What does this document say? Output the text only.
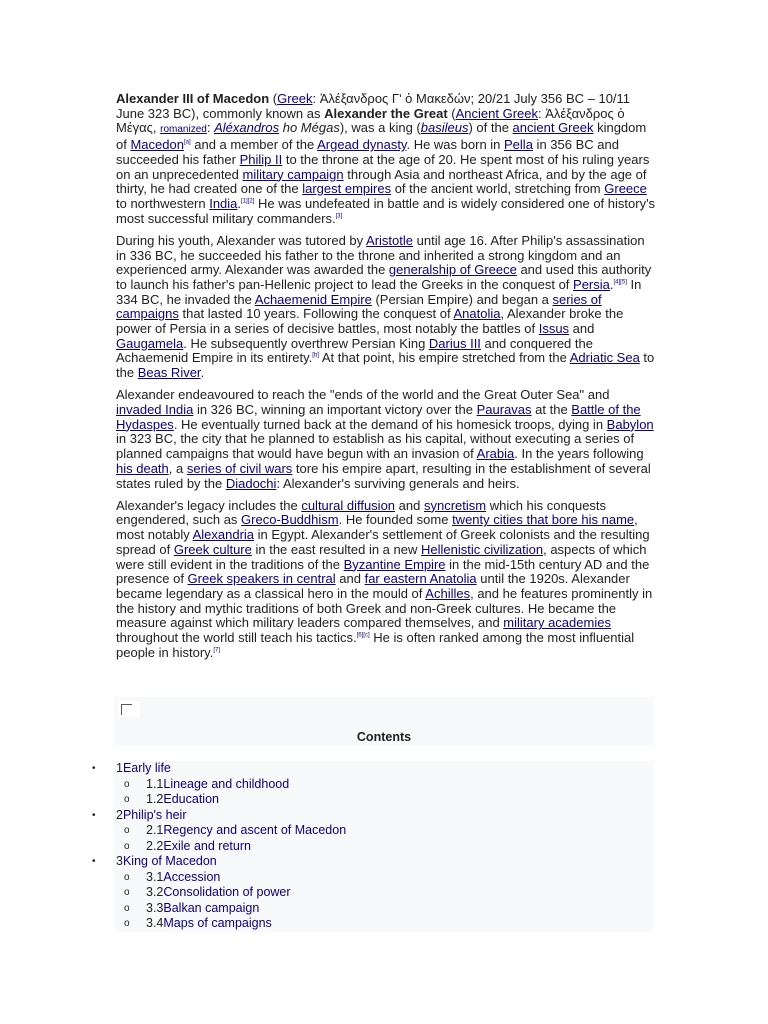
Alexander III of Macedon (Greek: Ἀλέξανδρος Γʹ ὁ Μακεδών; 20/21 July 356 BC – 10/11 June 323 BC), commonly known as Alexander the Great (Ancient Greek: Ἀλέξανδρος ὁ Μέγας, romanized: Aléxandros ho Mégas), was a king (basileus) of the ancient Greek kingdom of Macedon[a] and a member of the Argead dynasty. He was born in Pella in 356 BC and succeeded his father Philip II to the throne at the age of 20. He spent most of his ruling years on an unprecedented military campaign through Asia and northeast Africa, and by the age of thirty, he had created one of the largest empires of the ancient world, stretching from Greece to northwestern India.[1][2] He was undefeated in battle and is widely considered one of history's most successful military commanders.[3]

During his youth, Alexander was tutored by Aristotle until age 16. After Philip's assassination in 336 BC, he succeeded his father to the throne and inherited a strong kingdom and an experienced army. Alexander was awarded the generalship of Greece and used this authority to launch his father's pan-Hellenic project to lead the Greeks in the conquest of Persia.[4][5] In 334 BC, he invaded the Achaemenid Empire (Persian Empire) and began a series of campaigns that lasted 10 years. Following the conquest of Anatolia, Alexander broke the power of Persia in a series of decisive battles, most notably the battles of Issus and Gaugamela. He subsequently overthrew Persian King Darius III and conquered the Achaemenid Empire in its entirety.[b] At that point, his empire stretched from the Adriatic Sea to the Beas River.

Alexander endeavoured to reach the "ends of the world and the Great Outer Sea" and invaded India in 326 BC, winning an important victory over the Pauravas at the Battle of the Hydaspes. He eventually turned back at the demand of his homesick troops, dying in Babylon in 323 BC, the city that he planned to establish as his capital, without executing a series of planned campaigns that would have begun with an invasion of Arabia. In the years following his death, a series of civil wars tore his empire apart, resulting in the establishment of several states ruled by the Diadochi: Alexander's surviving generals and heirs.

Alexander's legacy includes the cultural diffusion and syncretism which his conquests engendered, such as Greco-Buddhism. He founded some twenty cities that bore his name, most notably Alexandria in Egypt. Alexander's settlement of Greek colonists and the resulting spread of Greek culture in the east resulted in a new Hellenistic civilization, aspects of which were still evident in the traditions of the Byzantine Empire in the mid-15th century AD and the presence of Greek speakers in central and far eastern Anatolia until the 1920s. Alexander became legendary as a classical hero in the mould of Achilles, and he features prominently in the history and mythic traditions of both Greek and non-Greek cultures. He became the measure against which military leaders compared themselves, and military academies throughout the world still teach his tactics.[6][c] He is often ranked among the most influential people in history.[7]

Contents
• 1Early life
o 1.1Lineage and childhood
o 1.2Education
• 2Philip's heir
o 2.1Regency and ascent of Macedon
o 2.2Exile and return
• 3King of Macedon
o 3.1Accession
o 3.2Consolidation of power
o 3.3Balkan campaign
o 3.4Maps of campaigns
